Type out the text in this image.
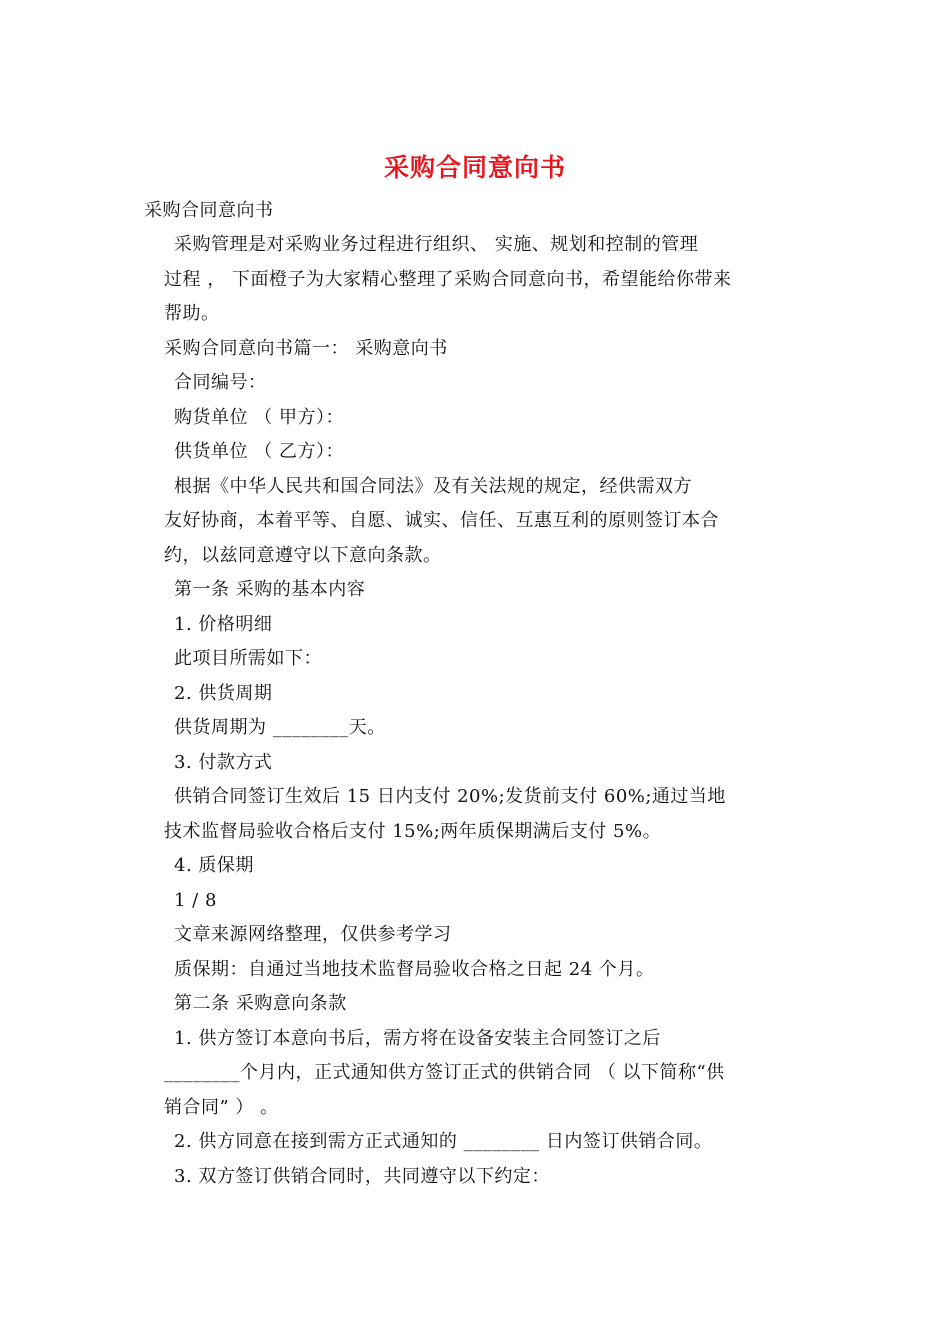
采购合同意向书
采购合同意向书
采购管理是对采购业务过程进行组织、 实施、规划和控制的管理
过程 ， 下面橙子为大家精心整理了采购合同意向书，希望能给你带来
帮助。
采购合同意向书篇一： 采购意向书
合同编号：
购货单位 （ 甲方）：
供货单位 （ 乙方）：
根据《中华人民共和国合同法》及有关法规的规定，经供需双方
友好协商，本着平等、自愿、诚实、信任、互惠互利的原则签订本合
约，以兹同意遵守以下意向条款。
第一条 采购的基本内容
1. 价格明细
此项目所需如下：
2. 供货周期
供货周期为 ________天。
3. 付款方式
供销合同签订生效后 15 日内支付 20%;发货前支付 60%;通过当地
技术监督局验收合格后支付 15%;两年质保期满后支付 5%。
4. 质保期
1 / 8
文章来源网络整理，仅供参考学习
质保期：自通过当地技术监督局验收合格之日起 24 个月。
第二条 采购意向条款
1. 供方签订本意向书后，需方将在设备安装主合同签订之后
________个月内，正式通知供方签订正式的供销合同 （ 以下简称“供
销合同” ） 。
2. 供方同意在接到需方正式通知的 ________ 日内签订供销合同。
3. 双方签订供销合同时，共同遵守以下约定：
